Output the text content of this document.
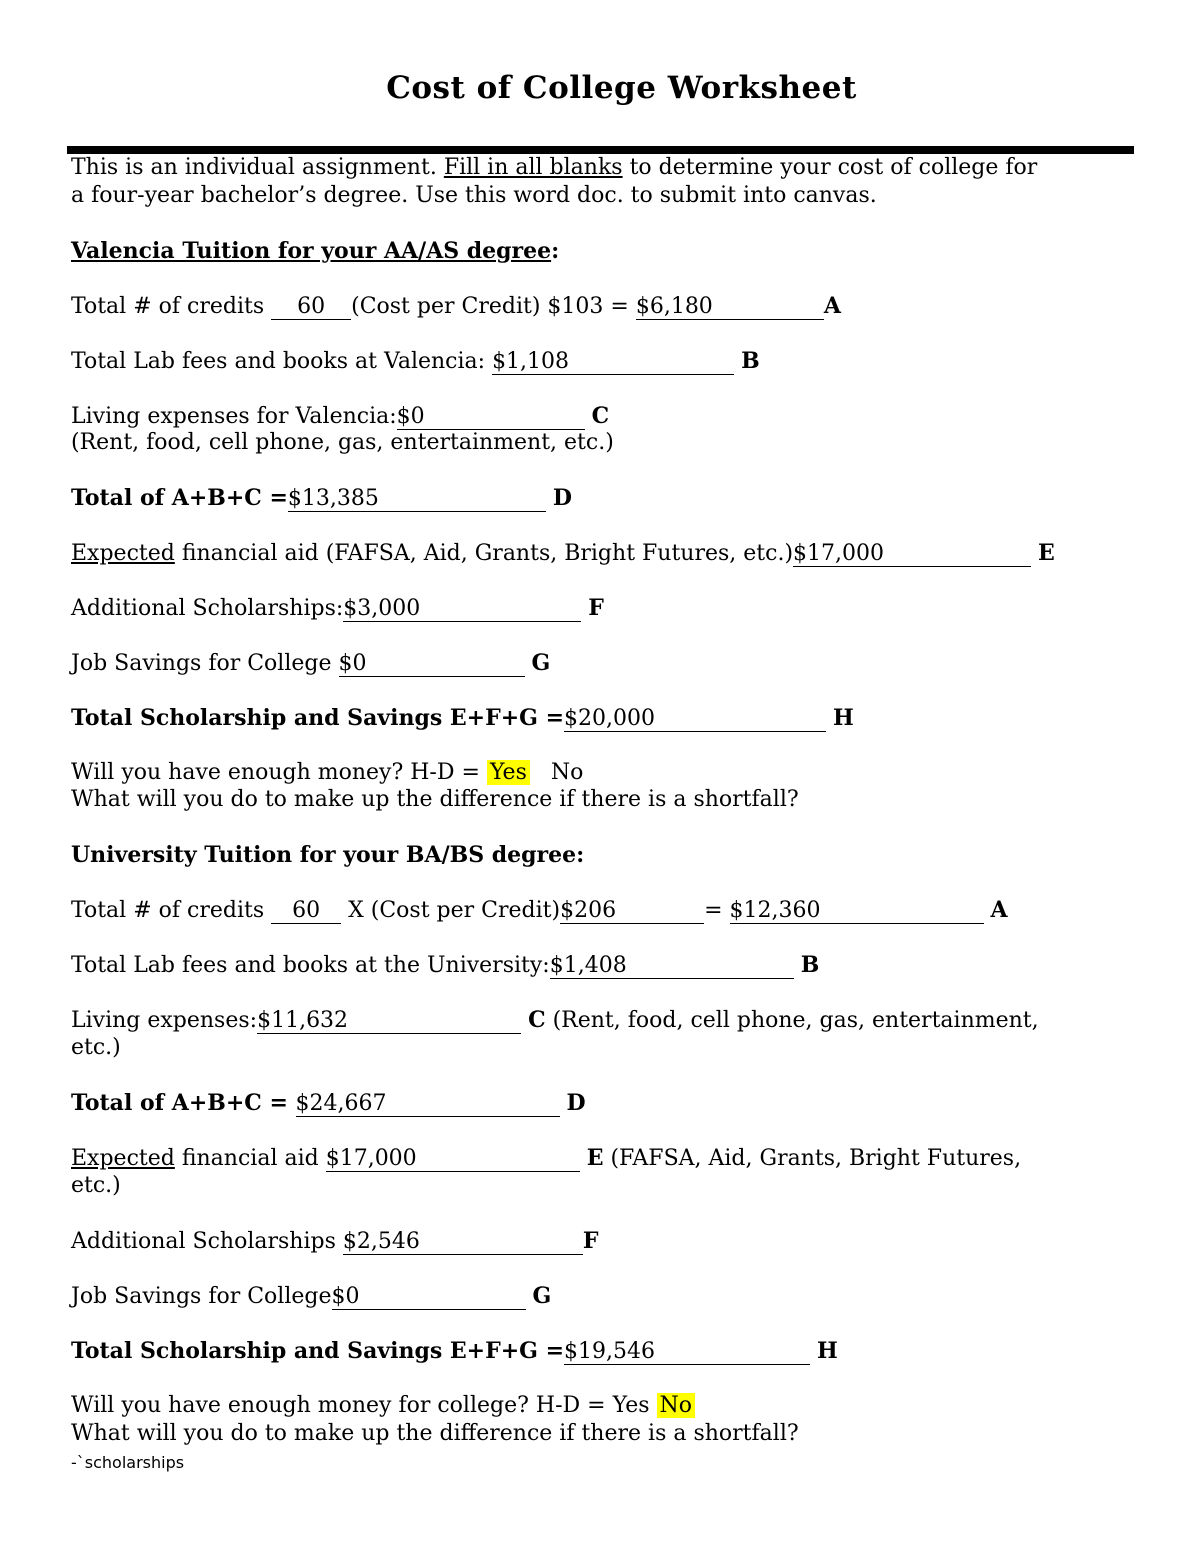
Cost of College Worksheet
This is an individual assignment. Fill in all blanks to determine your cost of college for
a four-year bachelor’s degree. Use this word doc. to submit into canvas.
Valencia Tuition for your AA/AS degree:
Total # of credits 60 (Cost per Credit) $103 = $6,180	A
Total Lab fees and books at Valencia: $1,108	B
Living expenses for Valencia:$0	C
(Rent, food, cell phone, gas, entertainment, etc.)
Total of A+B+C =$13,385	D
Expected financial aid (FAFSA, Aid, Grants, Bright Futures, etc.)$17,000	E
Additional Scholarships:$3,000	F
Job Savings for College $0	G
Total Scholarship and Savings E+F+G =$20,000	H
Will you have enough money? H-D = Yes No
What will you do to make up the difference if there is a shortfall?
University Tuition for your BA/BS degree:
Total # of credits 60 X (Cost per Credit)$206	= $12,360	A
Total Lab fees and books at the University:$1,408	B
Living expenses:$11,632	C (Rent, food, cell phone, gas, entertainment,
etc.)
Total of A+B+C = $24,667	D
Expected financial aid $17,000	E (FAFSA, Aid, Grants, Bright Futures,
etc.)
Additional Scholarships $2,546	F
Job Savings for College$0	G
Total Scholarship and Savings E+F+G =$19,546	H
Will you have enough money for college? H-D = Yes No
What will you do to make up the difference if there is a shortfall?
-`scholarships
